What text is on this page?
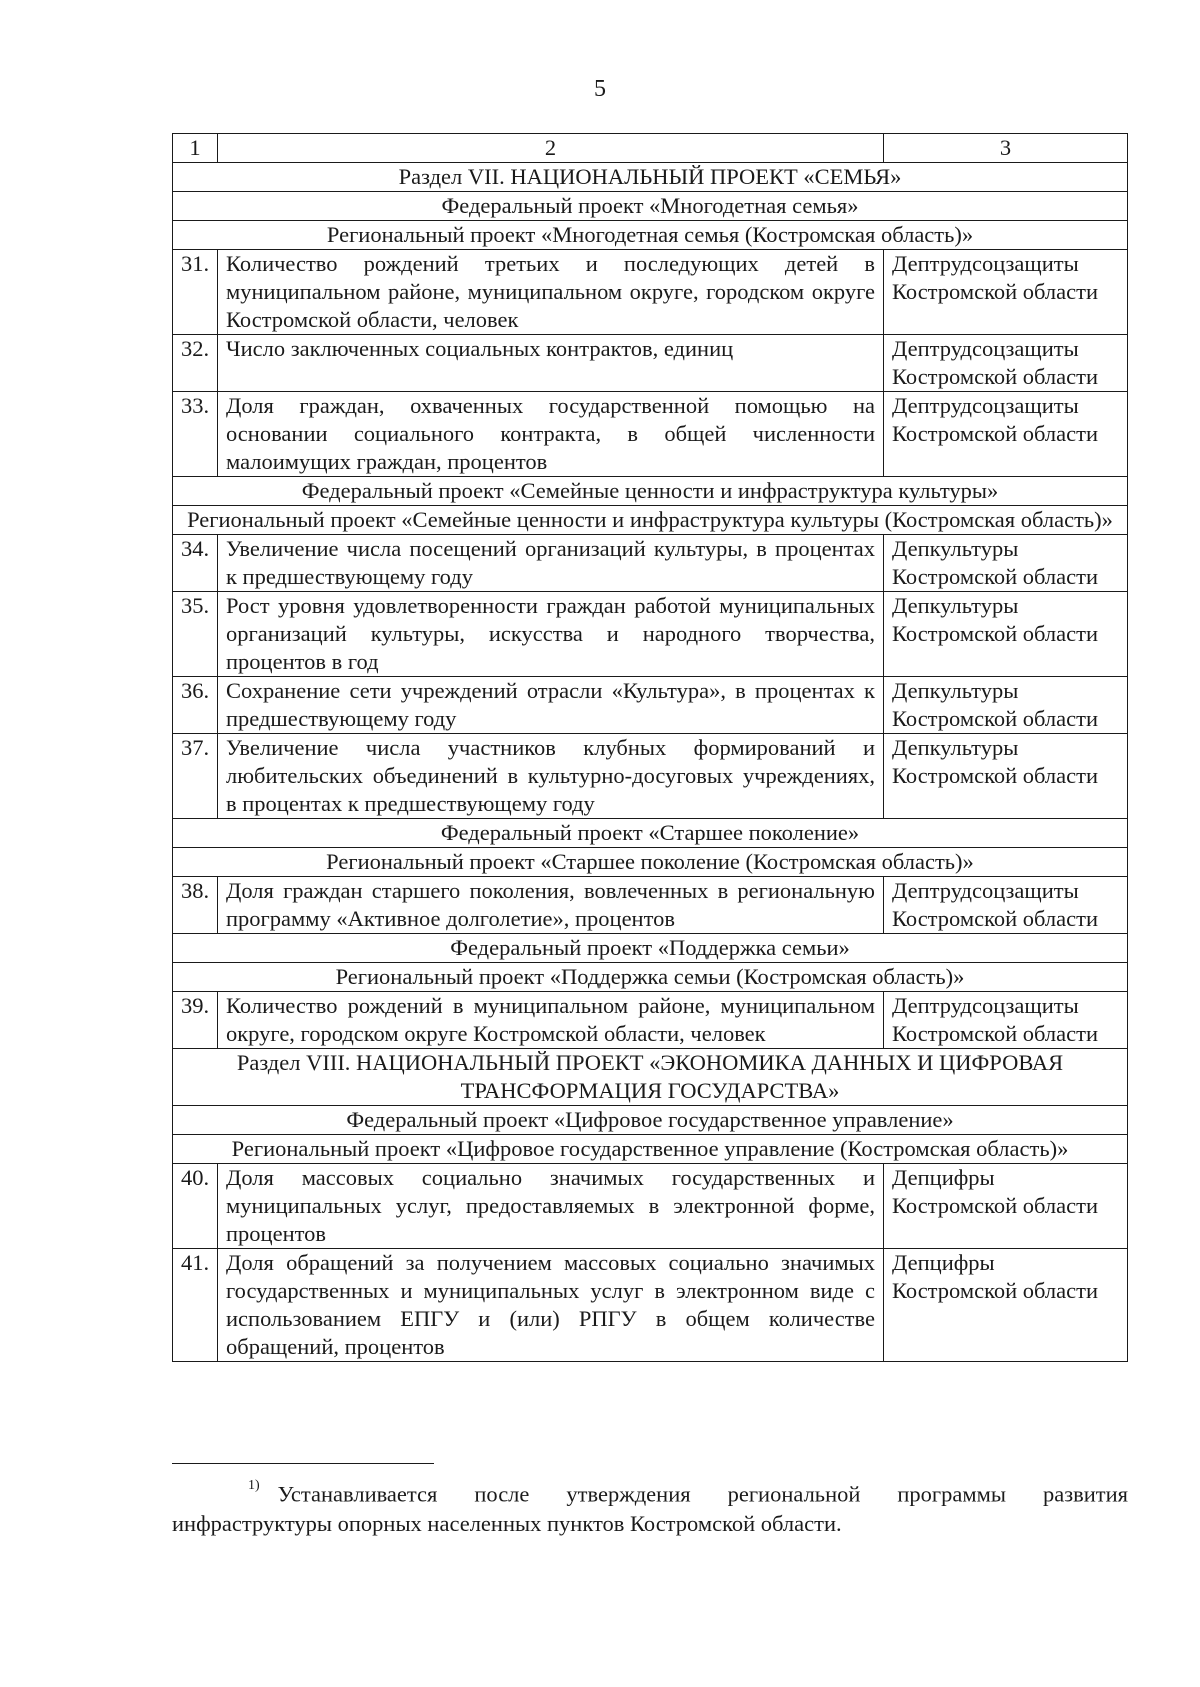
5
1	2	3
Раздел VII. НАЦИОНАЛЬНЫЙ ПРОЕКТ «СЕМЬЯ»		
Федеральный проект «Многодетная семья»		
Региональный проект «Многодетная семья (Костромская область)»		
31.	Количество рождений третьих и последующих детей в муниципальном районе, муниципальном округе, городском округе Костромской области, человек	Дептрудсоцзащиты Костромской области
32.	Число заключенных социальных контрактов, единиц	Дептрудсоцзащиты Костромской области
33.	Доля граждан, охваченных государственной помощью на основании социального контракта, в общей численности малоимущих граждан, процентов	Дептрудсоцзащиты Костромской области
Федеральный проект «Семейные ценности и инфраструктура культуры»		
Региональный проект «Семейные ценности и инфраструктура культуры (Костромская область)»		
34.	Увеличение числа посещений организаций культуры, в процентах к предшествующему году	Депкультуры Костромской области
35.	Рост уровня удовлетворенности граждан работой муниципальных организаций культуры, искусства и народного творчества, процентов в год	Депкультуры Костромской области
36.	Сохранение сети учреждений отрасли «Культура», в процентах к предшествующему году	Депкультуры Костромской области
37.	Увеличение числа участников клубных формирований и любительских объединений в культурно-досуговых учреждениях, в процентах к предшествующему году	Депкультуры Костромской области
Федеральный проект «Старшее поколение»		
Региональный проект «Старшее поколение (Костромская область)»		
38.	Доля граждан старшего поколения, вовлеченных в региональную программу «Активное долголетие», процентов	Дептрудсоцзащиты Костромской области
Федеральный проект «Поддержка семьи»		
Региональный проект «Поддержка семьи (Костромская область)»		
39.	Количество рождений в муниципальном районе, муниципальном округе, городском округе Костромской области, человек	Дептрудсоцзащиты Костромской области
Раздел VIII. НАЦИОНАЛЬНЫЙ ПРОЕКТ «ЭКОНОМИКА ДАННЫХ И ЦИФРОВАЯ ТРАНСФОРМАЦИЯ ГОСУДАРСТВА»		
Федеральный проект «Цифровое государственное управление»		
Региональный проект «Цифровое государственное управление (Костромская область)»		
40.	Доля массовых социально значимых государственных и муниципальных услуг, предоставляемых в электронной форме, процентов	Депцифры Костромской области
41.	Доля обращений за получением массовых социально значимых государственных и муниципальных услуг в электронном виде с использованием ЕПГУ и (или) РПГУ в общем количестве обращений, процентов	Депцифры Костромской области
$^{1)}$ Устанавливается после утверждения региональной программы развития инфраструктуры опорных населенных пунктов Костромской области.
